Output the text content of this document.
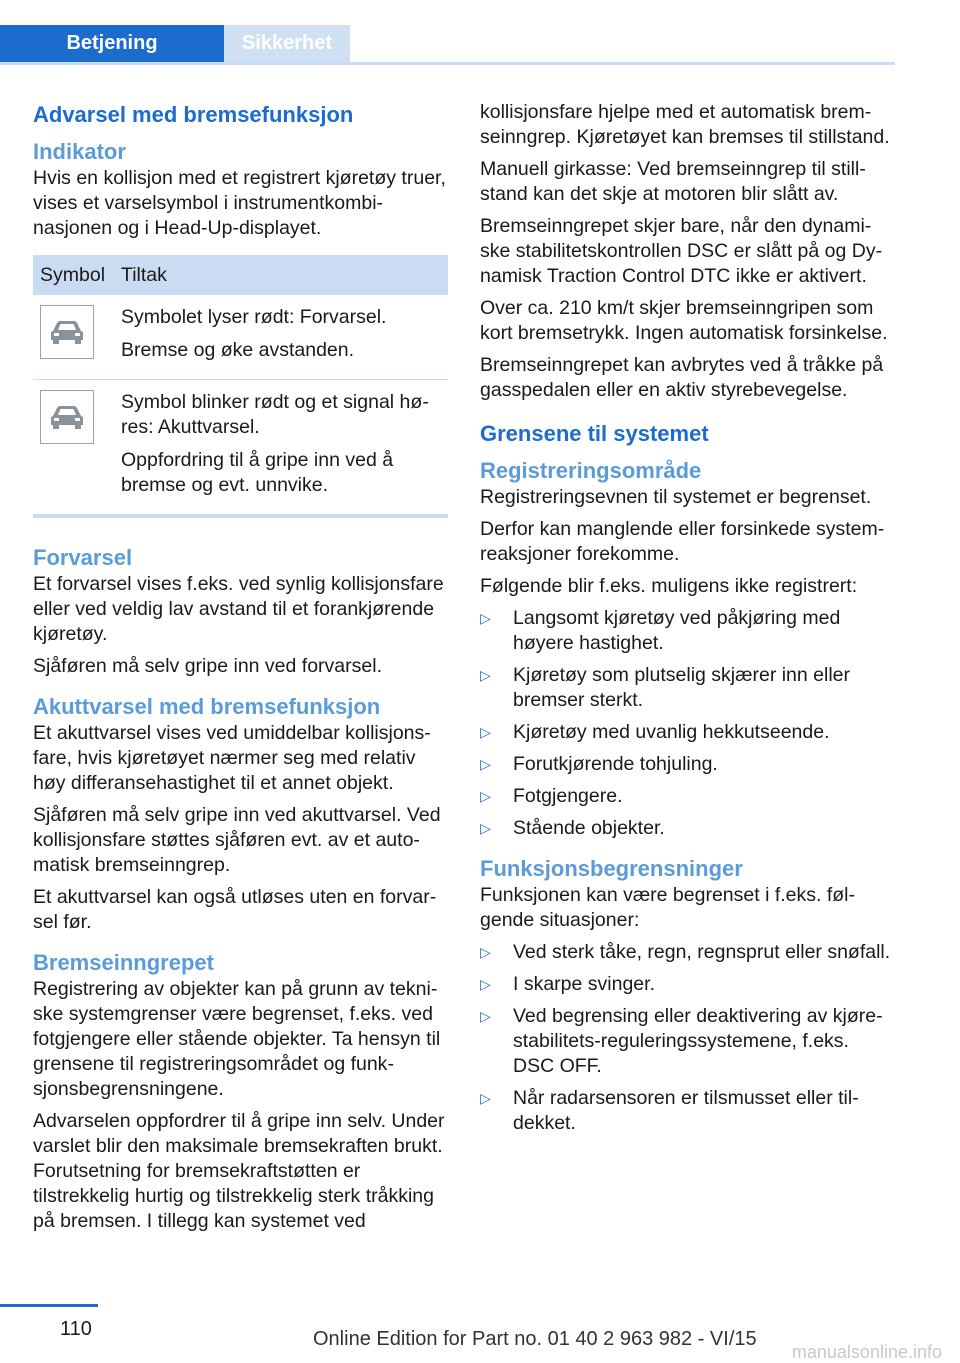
Betjening	Sikkerhet
Advarsel med bremsefunksjon
Indikator
Hvis en kollisjon med et registrert kjøretøy truer, vises et varselsymbol i instrumentkombinasjonen og i Head-Up-displayet.
Symbol Tiltak
Symbolet lyser rødt: Forvarsel.
Bremse og øke avstanden.
Symbol blinker rødt og et signal høres: Akuttvarsel.
Oppfordring til å gripe inn ved å bremse og evt. unnvike.
Forvarsel
Et forvarsel vises f.eks. ved synlig kollisjonsfare eller ved veldig lav avstand til et forankjørende kjøretøy.
Sjåføren må selv gripe inn ved forvarsel.
Akuttvarsel med bremsefunksjon
Et akuttvarsel vises ved umiddelbar kollisjonsfare, hvis kjøretøyet nærmer seg med relativ høy differansehastighet til et annet objekt.
Sjåføren må selv gripe inn ved akuttvarsel. Ved kollisjonsfare støttes sjåføren evt. av et automatisk bremseinngrep.
Et akuttvarsel kan også utløses uten en forvarsel før.
Bremseinngrepet
Registrering av objekter kan på grunn av tekniske systemgrenser være begrenset, f.eks. ved fotgjengere eller stående objekter. Ta hensyn til grensene til registreringsområdet og funksjonsbegrensningene.
Advarselen oppfordrer til å gripe inn selv. Under varslet blir den maksimale bremsekraften brukt. Forutsetning for bremsekraftstøtten er tilstrekkelig hurtig og tilstrekkelig sterk tråkking på bremsen. I tillegg kan systemet ved
kollisjonsfare hjelpe med et automatisk bremseinngrep. Kjøretøyet kan bremses til stillstand.
Manuell girkasse: Ved bremseinngrep til stillstand kan det skje at motoren blir slått av.
Bremseinngrepet skjer bare, når den dynamiske stabilitetskontrollen DSC er slått på og Dynamisk Traction Control DTC ikke er aktivert.
Over ca. 210 km/t skjer bremseinngripen som kort bremsetrykk. Ingen automatisk forsinkelse.
Bremseinngrepet kan avbrytes ved å tråkke på gasspedalen eller en aktiv styrebevegelse.
Grensene til systemet
Registreringsområde
Registreringsevnen til systemet er begrenset.
Derfor kan manglende eller forsinkede systemreaksjoner forekomme.
Følgende blir f.eks. muligens ikke registrert:
▷	Langsomt kjøretøy ved påkjøring med høyere hastighet.
▷	Kjøretøy som plutselig skjærer inn eller bremser sterkt.
▷	Kjøretøy med uvanlig hekkutseende.
▷	Forutkjørende tohjuling.
▷	Fotgjengere.
▷	Stående objekter.
Funksjonsbegrensninger
Funksjonen kan være begrenset i f.eks. følgende situasjoner:
▷	Ved sterk tåke, regn, regnsprut eller snøfall.
▷	I skarpe svinger.
▷	Ved begrensing eller deaktivering av kjørestabilitets-reguleringssystemene, f.eks. DSC OFF.
▷	Når radarsensoren er tilsmusset eller tildekket.
110	Online Edition for Part no. 01 40 2 963 982 - VI/15
manualsonline.info
